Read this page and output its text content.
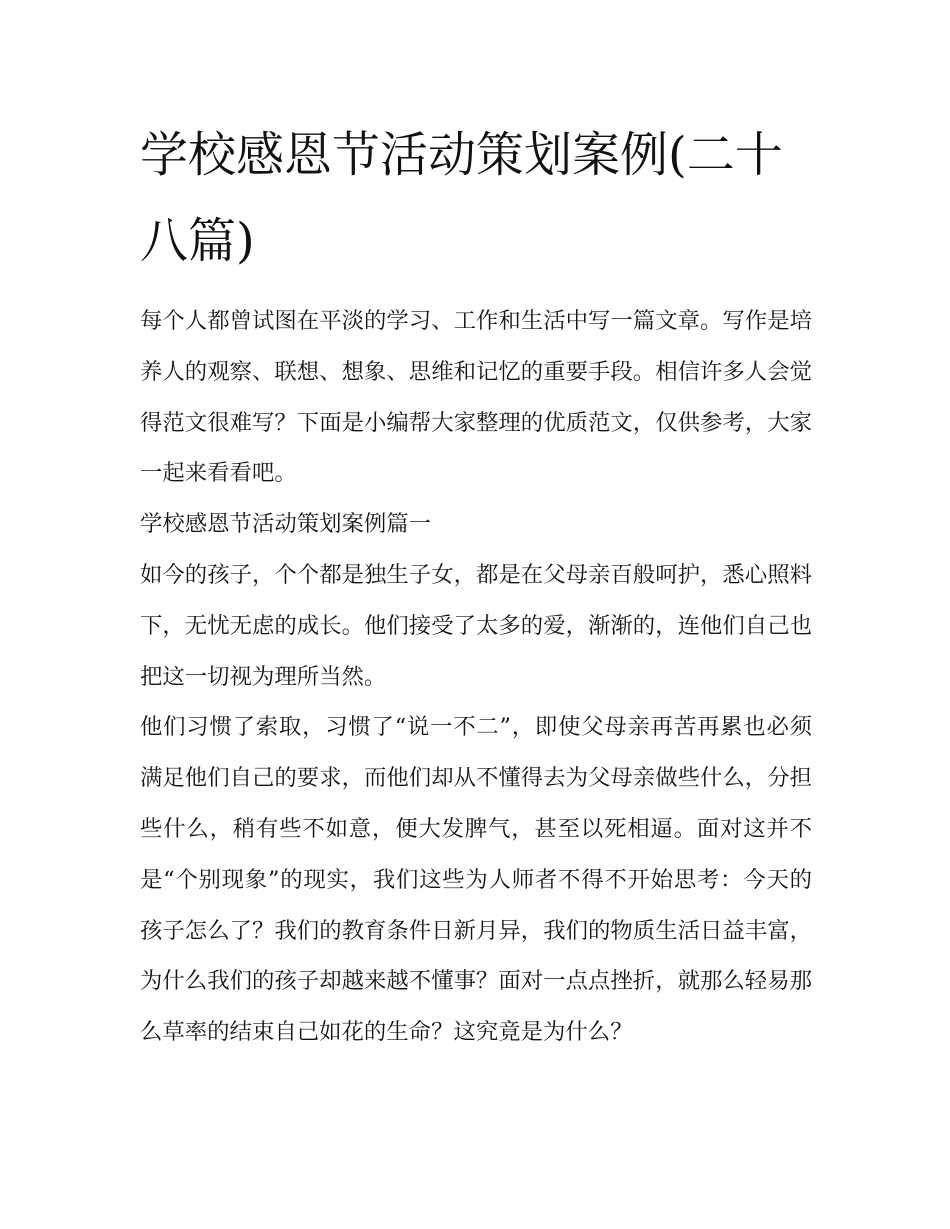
学校感恩节活动策划案例(二十八篇)

每个人都曾试图在平淡的学习、工作和生活中写一篇文章。写作是培养人的观察、联想、想象、思维和记忆的重要手段。相信许多人会觉得范文很难写？下面是小编帮大家整理的优质范文，仅供参考，大家一起来看看吧。

学校感恩节活动策划案例篇一

如今的孩子，个个都是独生子女，都是在父母亲百般呵护，悉心照料下，无忧无虑的成长。他们接受了太多的爱，渐渐的，连他们自己也把这一切视为理所当然。

他们习惯了索取，习惯了“说一不二”，即使父母亲再苦再累也必须满足他们自己的要求，而他们却从不懂得去为父母亲做些什么，分担些什么，稍有些不如意，便大发脾气，甚至以死相逼。面对这并不是“个别现象”的现实，我们这些为人师者不得不开始思考：今天的孩子怎么了？我们的教育条件日新月异，我们的物质生活日益丰富，为什么我们的孩子却越来越不懂事？面对一点点挫折，就那么轻易那么草率的结束自己如花的生命？这究竟是为什么？
